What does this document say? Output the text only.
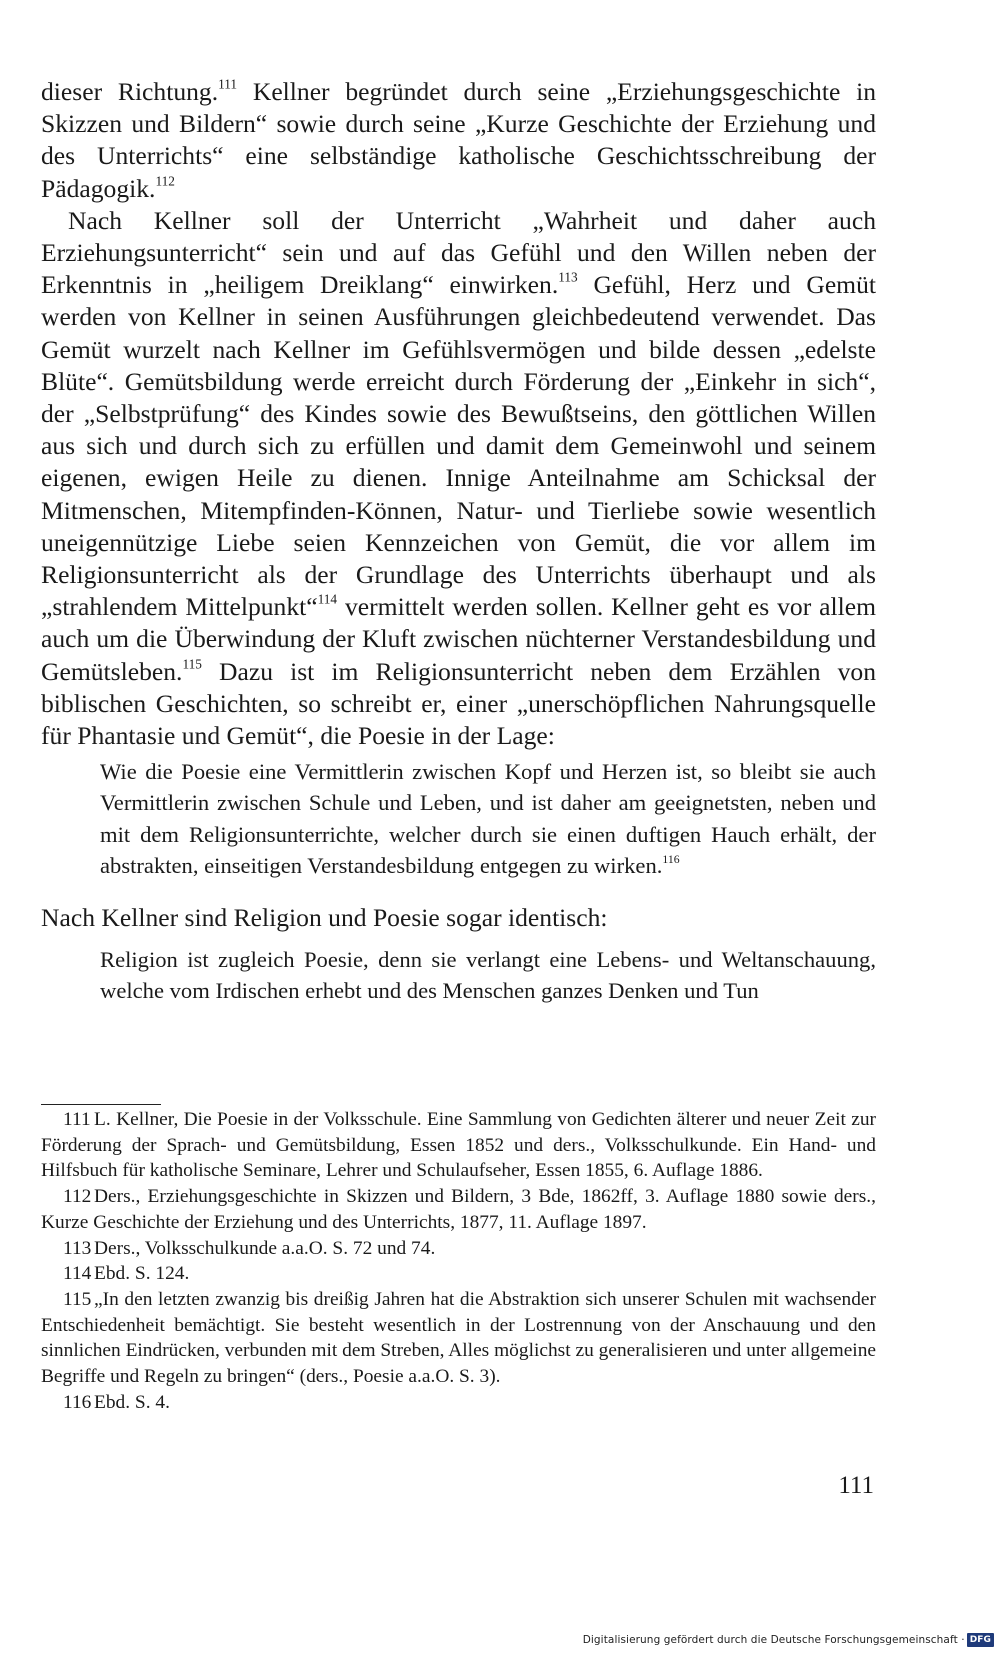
dieser Richtung.$^{111}$ Kellner begründet durch seine „Erziehungsgeschichte in Skizzen und Bildern“ sowie durch seine „Kurze Geschichte der Erziehung und des Unterrichts“ eine selbständige katholische Geschichtsschreibung der Pädagogik.$^{112}$

Nach Kellner soll der Unterricht „Wahrheit und daher auch Erziehungsunterricht“ sein und auf das Gefühl und den Willen neben der Erkenntnis in „heiligem Dreiklang“ einwirken.$^{113}$ Gefühl, Herz und Gemüt werden von Kellner in seinen Ausführungen gleichbedeutend verwendet. Das Gemüt wurzelt nach Kellner im Gefühlsvermögen und bilde dessen „edelste Blüte“. Gemütsbildung werde erreicht durch Förderung der „Einkehr in sich“, der „Selbstprüfung“ des Kindes sowie des Bewußtseins, den göttlichen Willen aus sich und durch sich zu erfüllen und damit dem Gemeinwohl und seinem eigenen, ewigen Heile zu dienen. Innige Anteilnahme am Schicksal der Mitmenschen, Mitempfinden-Können, Natur- und Tierliebe sowie wesentlich uneigennützige Liebe seien Kennzeichen von Gemüt, die vor allem im Religionsunterricht als der Grundlage des Unterrichts überhaupt und als „strahlendem Mittelpunkt“$^{114}$ vermittelt werden sollen. Kellner geht es vor allem auch um die Überwindung der Kluft zwischen nüchterner Verstandesbildung und Gemütsleben.$^{115}$ Dazu ist im Religionsunterricht neben dem Erzählen von biblischen Geschichten, so schreibt er, einer „unerschöpflichen Nahrungsquelle für Phantasie und Gemüt“, die Poesie in der Lage:

Wie die Poesie eine Vermittlerin zwischen Kopf und Herzen ist, so bleibt sie auch Vermittlerin zwischen Schule und Leben, und ist daher am geeignetsten, neben und mit dem Religionsunterrichte, welcher durch sie einen duftigen Hauch erhält, der abstrakten, einseitigen Verstandesbildung entgegen zu wirken.$^{116}$

Nach Kellner sind Religion und Poesie sogar identisch:

Religion ist zugleich Poesie, denn sie verlangt eine Lebens- und Weltanschauung, welche vom Irdischen erhebt und des Menschen ganzes Denken und Tun

111 L. Kellner, Die Poesie in der Volksschule. Eine Sammlung von Gedichten älterer und neuer Zeit zur Förderung der Sprach- und Gemütsbildung, Essen 1852 und ders., Volksschulkunde. Ein Hand- und Hilfsbuch für katholische Seminare, Lehrer und Schulaufseher, Essen 1855, 6. Auflage 1886.

112 Ders., Erziehungsgeschichte in Skizzen und Bildern, 3 Bde, 1862ff, 3. Auflage 1880 sowie ders., Kurze Geschichte der Erziehung und des Unterrichts, 1877, 11. Auflage 1897.

113 Ders., Volksschulkunde a.a.O. S. 72 und 74.

114 Ebd. S. 124.

115 „In den letzten zwanzig bis dreißig Jahren hat die Abstraktion sich unserer Schulen mit wachsender Entschiedenheit bemächtigt. Sie besteht wesentlich in der Lostrennung von der Anschauung und den sinnlichen Eindrücken, verbunden mit dem Streben, Alles möglichst zu generalisieren und unter allgemeine Begriffe und Regeln zu bringen“ (ders., Poesie a.a.O. S. 3).

116 Ebd. S. 4.

111
Digitalisierung gefördert durch die Deutsche Forschungsgemeinschaft · DFG
